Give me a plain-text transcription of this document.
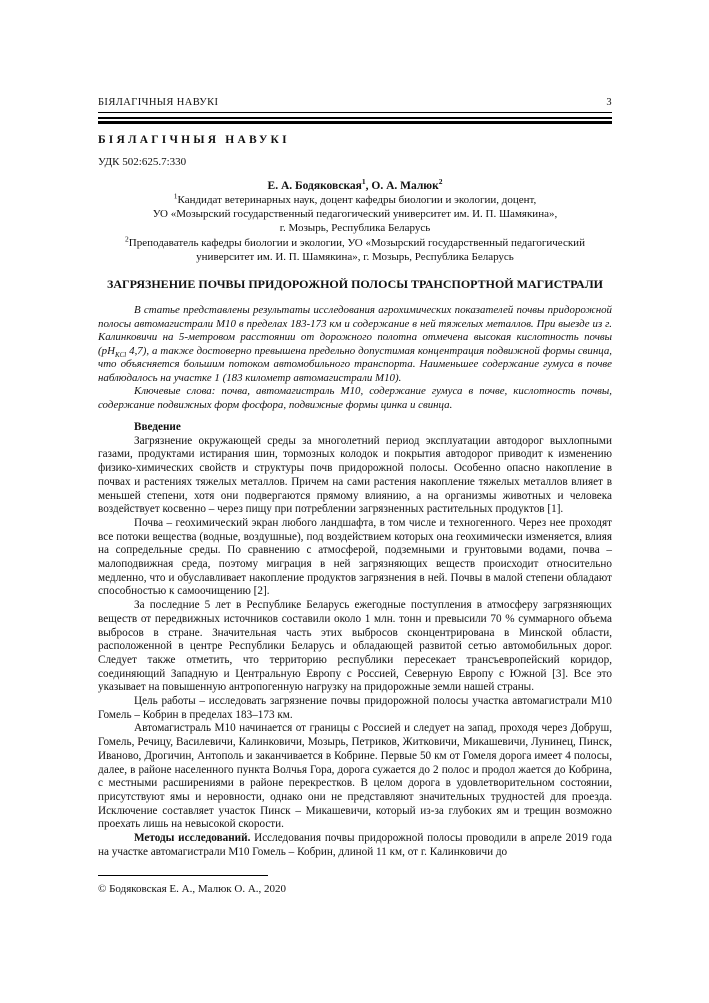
БІЯЛАГІЧНЫЯ НАВУКІ	3
БІЯЛАГІЧНЫЯ НАВУКІ
УДК 502:625.7:330
Е. А. Бодяковская$^1$, О. А. Малюк$^2$
$^1$Кандидат ветеринарных наук, доцент кафедры биологии и экологии, доцент,
УО «Мозырский государственный педагогический университет им. И. П. Шамякина»,
г. Мозырь, Республика Беларусь
$^2$Преподаватель кафедры биологии и экологии, УО «Мозырский государственный педагогический
университет им. И. П. Шамякина», г. Мозырь, Республика Беларусь
ЗАГРЯЗНЕНИЕ ПОЧВЫ ПРИДОРОЖНОЙ ПОЛОСЫ ТРАНСПОРТНОЙ МАГИСТРАЛИ

В статье представлены результаты исследования агрохимических показателей почвы придорожной полосы автомагистрали М10 в пределах 183-173 км и содержание в ней тяжелых металлов. При выезде из г. Калинковичи на 5-метровом расстоянии от дорожного полотна отмечена высокая кислотность почвы ($рН_{KCl}$ 4,7), а также достоверно превышена предельно допустимая концентрация подвижной формы свинца, что объясняется большим потоком автомобильного транспорта. Наименьшее содержание гумуса в почве наблюдалось на участке 1 (183 километр автомагистрали М10).

Ключевые слова: почва, автомагистраль М10, содержание гумуса в почве, кислотность почвы, содержание подвижных форм фосфора, подвижные формы цинка и свинца.

Введение

Загрязнение окружающей среды за многолетний период эксплуатации автодорог выхлопными газами, продуктами истирания шин, тормозных колодок и покрытия автодорог приводит к изменению физико-химических свойств и структуры почв придорожной полосы. Особенно опасно накопление в почвах и растениях тяжелых металлов. Причем на сами растения накопление тяжелых металлов влияет в меньшей степени, хотя они подвергаются прямому влиянию, а на организмы животных и человека воздействует косвенно – через пищу при потреблении загрязненных растительных продуктов [1].

Почва – геохимический экран любого ландшафта, в том числе и техногенного. Через нее проходят все потоки вещества (водные, воздушные), под воздействием которых она геохимически изменяется, влияя на сопредельные среды. По сравнению с атмосферой, подземными и грунтовыми водами, почва – малоподвижная среда, поэтому миграция в ней загрязняющих веществ происходит относительно медленно, что и обуславливает накопление продуктов загрязнения в ней. Почвы в малой степени обладают способностью к самоочищению [2].

За последние 5 лет в Республике Беларусь ежегодные поступления в атмосферу загрязняющих веществ от передвижных источников составили около 1 млн. тонн и превысили 70 % суммарного объема выбросов в стране. Значительная часть этих выбросов сконцентрирована в Минской области, расположенной в центре Республики Беларусь и обладающей развитой сетью автомобильных дорог. Следует также отметить, что территорию республики пересекает трансъевропейский коридор, соединяющий Западную и Центральную Европу с Россией, Северную Европу с Южной [3]. Все это указывает на повышенную антропогенную нагрузку на придорожные земли нашей страны.

Цель работы – исследовать загрязнение почвы придорожной полосы участка автомагистрали М10 Гомель – Кобрин в пределах 183–173 км.

Автомагистраль М10 начинается от границы с Россией и следует на запад, проходя через Добруш, Гомель, Речицу, Василевичи, Калинковичи, Мозырь, Петриков, Житковичи, Микашевичи, Лунинец, Пинск, Иваново, Дрогичин, Антополь и заканчивается в Кобрине. Первые 50 км от Гомеля дорога имеет 4 полосы, далее, в районе населенного пункта Волчья Гора, дорога сужается до 2 полос и продол жается до Кобрина, с местными расширениями в районе перекрестков. В целом дорога в удовлетворительном состоянии, присутствуют ямы и неровности, однако они не представляют значительных трудностей для проезда. Исключение составляет участок Пинск – Микашевичи, который из-за глубоких ям и трещин возможно проехать лишь на невысокой скорости.

Методы исследований. Исследования почвы придорожной полосы проводили в апреле 2019 года на участке автомагистрали М10 Гомель – Кобрин, длиной 11 км, от г. Калинковичи до

© Бодяковская Е. А., Малюк О. А., 2020
